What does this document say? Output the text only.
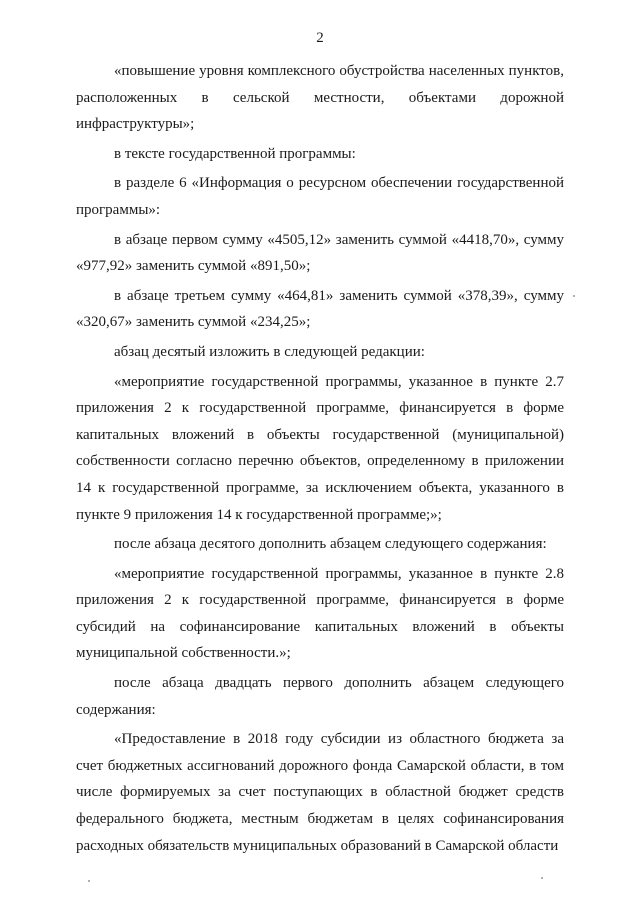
2

«повышение уровня комплексного обустройства населенных пунктов, расположенных в сельской местности, объектами дорожной инфраструктуры»;

в тексте государственной программы:

в разделе 6 «Информация о ресурсном обеспечении государственной программы»:

в абзаце первом сумму «4505,12» заменить суммой «4418,70», сумму «977,92» заменить суммой «891,50»;

в абзаце третьем сумму «464,81» заменить суммой «378,39», сумму «320,67» заменить суммой «234,25»;

абзац десятый изложить в следующей редакции:

«мероприятие государственной программы, указанное в пункте 2.7 приложения 2 к государственной программе, финансируется в форме капитальных вложений в объекты государственной (муниципальной) собственности согласно перечню объектов, определенному в приложении 14 к государственной программе, за исключением объекта, указанного в пункте 9 приложения 14 к государственной программе;»;

после абзаца десятого дополнить абзацем следующего содержания:

«мероприятие государственной программы, указанное в пункте 2.8 приложения 2 к государственной программе, финансируется в форме субсидий на софинансирование капитальных вложений в объекты муниципальной собственности.»;

после абзаца двадцать первого дополнить абзацем следующего содержания:

«Предоставление в 2018 году субсидии из областного бюджета за счет бюджетных ассигнований дорожного фонда Самарской области, в том числе формируемых за счет поступающих в областной бюджет средств федерального бюджета, местным бюджетам в целях софинансирования расходных обязательств муниципальных образований в Самарской области
